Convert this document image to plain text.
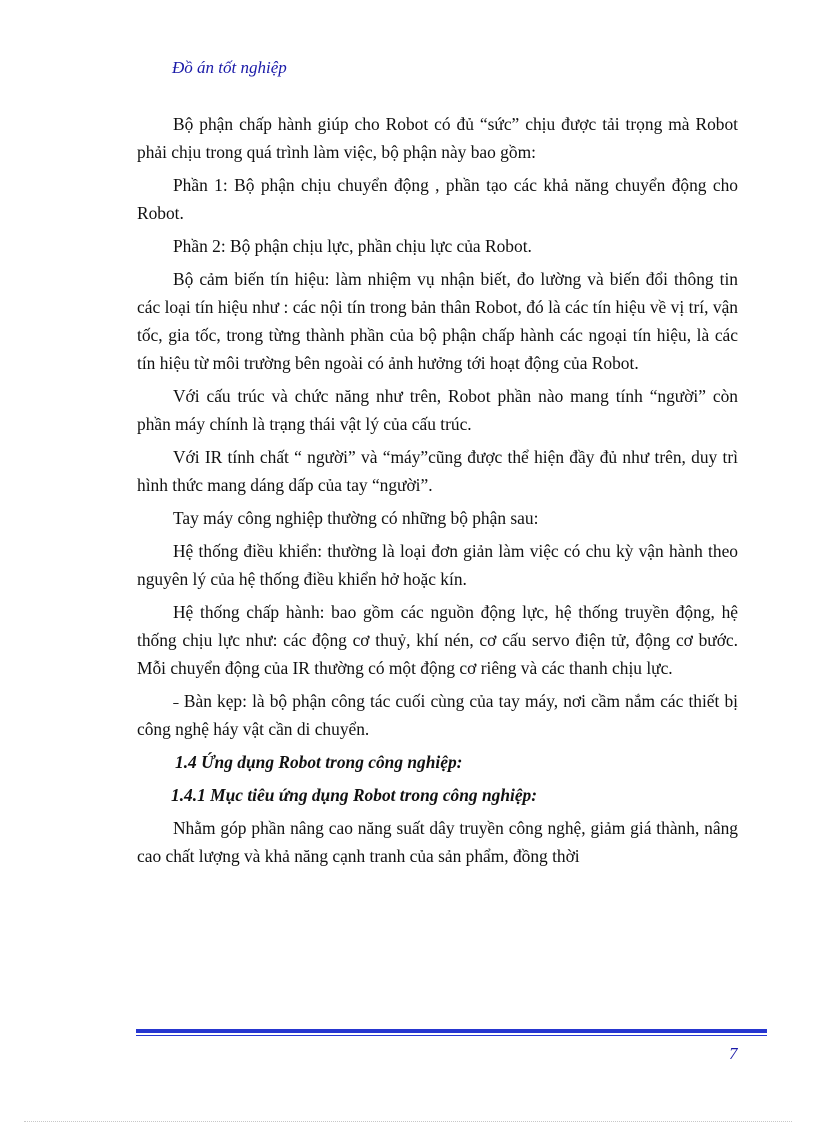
Đồ án tốt nghiệp

Bộ phận chấp hành giúp cho Robot có đủ “sức” chịu được tải trọng mà Robot phải chịu trong quá trình làm việc, bộ phận này bao gồm:

Phần 1: Bộ phận chịu chuyển động , phần tạo các khả năng chuyển động cho Robot.

Phần 2: Bộ phận chịu lực, phần chịu lực của Robot.

Bộ cảm biến tín hiệu: làm nhiệm vụ nhận biết, đo lường và biến đổi thông tin các loại tín hiệu như : các nội tín trong bản thân Robot, đó là các tín hiệu về vị trí, vận tốc, gia tốc, trong từng thành phần của bộ phận chấp hành các ngoại tín hiệu, là các tín hiệu từ môi trường bên ngoài có ảnh hưởng tới hoạt động của Robot.

Với cấu trúc và chức năng như trên, Robot phần nào mang tính “người” còn phần máy chính là trạng thái vật lý của cấu trúc.

Với IR tính chất “ người” và “máy”cũng được thể hiện đầy đủ như trên, duy trì hình thức mang dáng dấp của tay “người”.

Tay máy công nghiệp thường có những bộ phận sau:

Hệ thống điều khiển: thường là loại đơn giản làm việc có chu kỳ vận hành theo nguyên lý của hệ thống điều khiển hở hoặc kín.

Hệ thống chấp hành: bao gồm các nguồn động lực, hệ thống truyền động, hệ thống chịu lực như: các động cơ thuỷ, khí nén, cơ cấu servo điện tử, động cơ bước. Mỗi chuyển động của IR thường có một động cơ riêng và các thanh chịu lực.

˗ Bàn kẹp: là bộ phận công tác cuối cùng của tay máy, nơi cầm nắm các thiết bị công nghệ háy vật cần di chuyển.

1.4 Ứng dụng Robot trong công nghiệp:

1.4.1 Mục tiêu ứng dụng Robot trong công nghiệp:

Nhằm góp phần nâng cao năng suất dây truyền công nghệ, giảm giá thành, nâng cao chất lượng và khả năng cạnh tranh của sản phẩm, đồng thời

7
